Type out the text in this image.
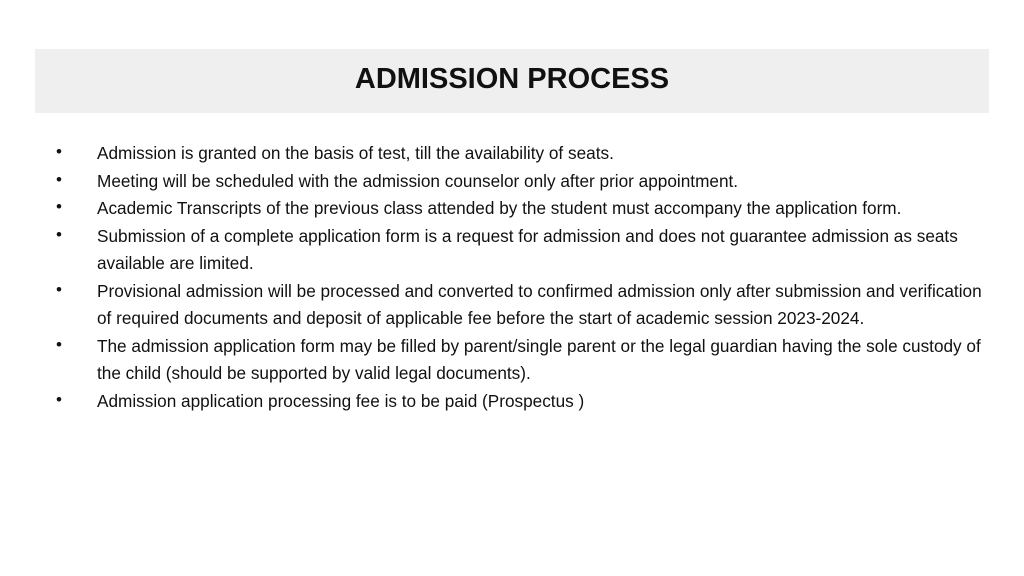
ADMISSION PROCESS
•	Admission is granted on the basis of test, till the availability of seats.
•	Meeting will be scheduled with the admission counselor only after prior appointment.
•	Academic Transcripts of the previous class attended by the student must accompany the application form.
•	Submission of a complete application form is a request for admission and does not guarantee admission as seats available are limited.
•	Provisional admission will be processed and converted to confirmed admission only after submission and verification of required documents and deposit of applicable fee before the start of academic session 2023-2024.
•	The admission application form may be filled by parent/single parent or the legal guardian having the sole custody of the child (should be supported by valid legal documents).
•	Admission application processing fee is to be paid (Prospectus )
